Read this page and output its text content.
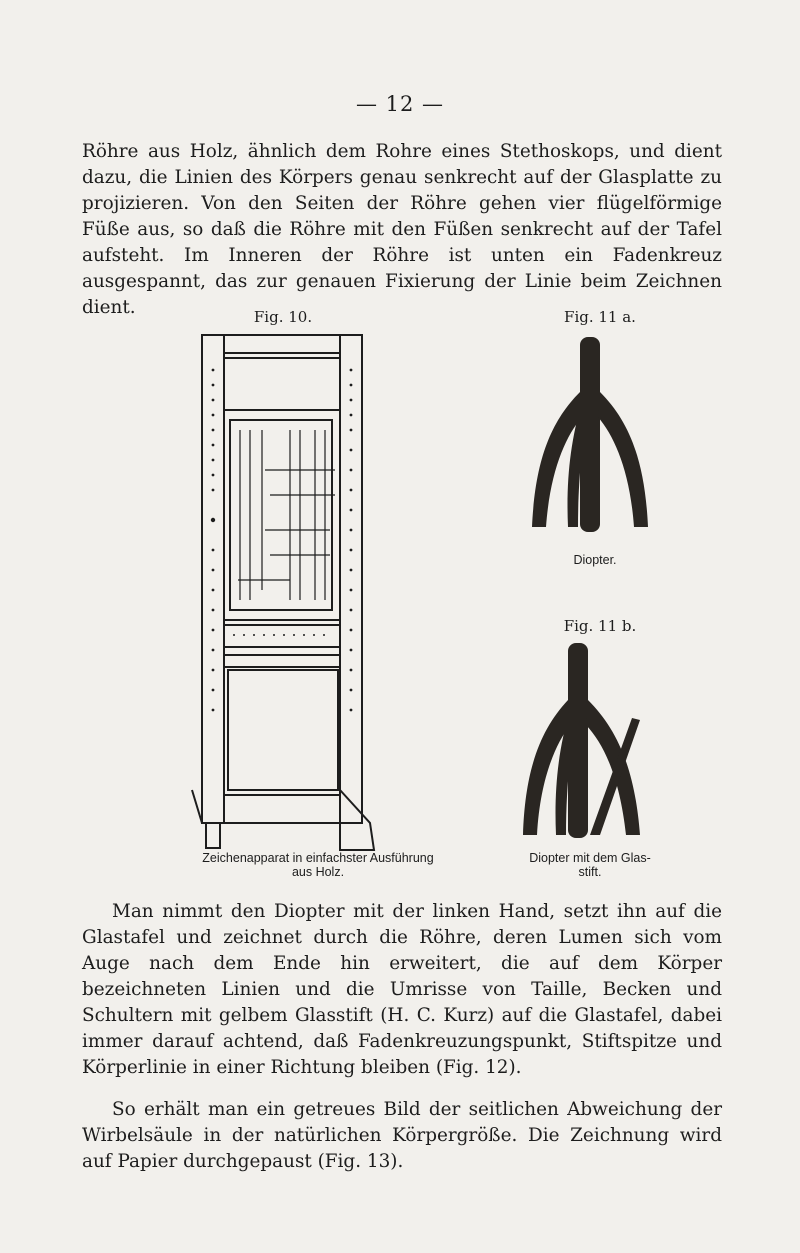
— 12 —

Röhre aus Holz, ähnlich dem Rohre eines Stethoskops, und dient dazu, die Linien des Körpers genau senkrecht auf der Glasplatte zu projizieren. Von den Seiten der Röhre gehen vier flügelförmige Füße aus, so daß die Röhre mit den Füßen senkrecht auf der Tafel aufsteht. Im Inneren der Röhre ist unten ein Fadenkreuz ausgespannt, das zur genauen Fixierung der Linie beim Zeichnen dient.	Fig. 10.	Fig. 11 a.
Diopter.
Fig. 11 b.
Zeichenapparat in einfachster Ausführung
aus Holz.
Diopter mit dem Glas-
stift.

Man nimmt den Diopter mit der linken Hand, setzt ihn auf die Glastafel und zeichnet durch die Röhre, deren Lumen sich vom Auge nach dem Ende hin erweitert, die auf dem Körper bezeichneten Linien und die Umrisse von Taille, Becken und Schultern mit gelbem Glasstift (H. C. Kurz) auf die Glastafel, dabei immer darauf achtend, daß Fadenkreuzungspunkt, Stiftspitze und Körperlinie in einer Richtung bleiben (Fig. 12).

So erhält man ein getreues Bild der seitlichen Abweichung der Wirbelsäule in der natürlichen Körpergröße. Die Zeichnung wird auf Papier durchgepaust (Fig. 13).
